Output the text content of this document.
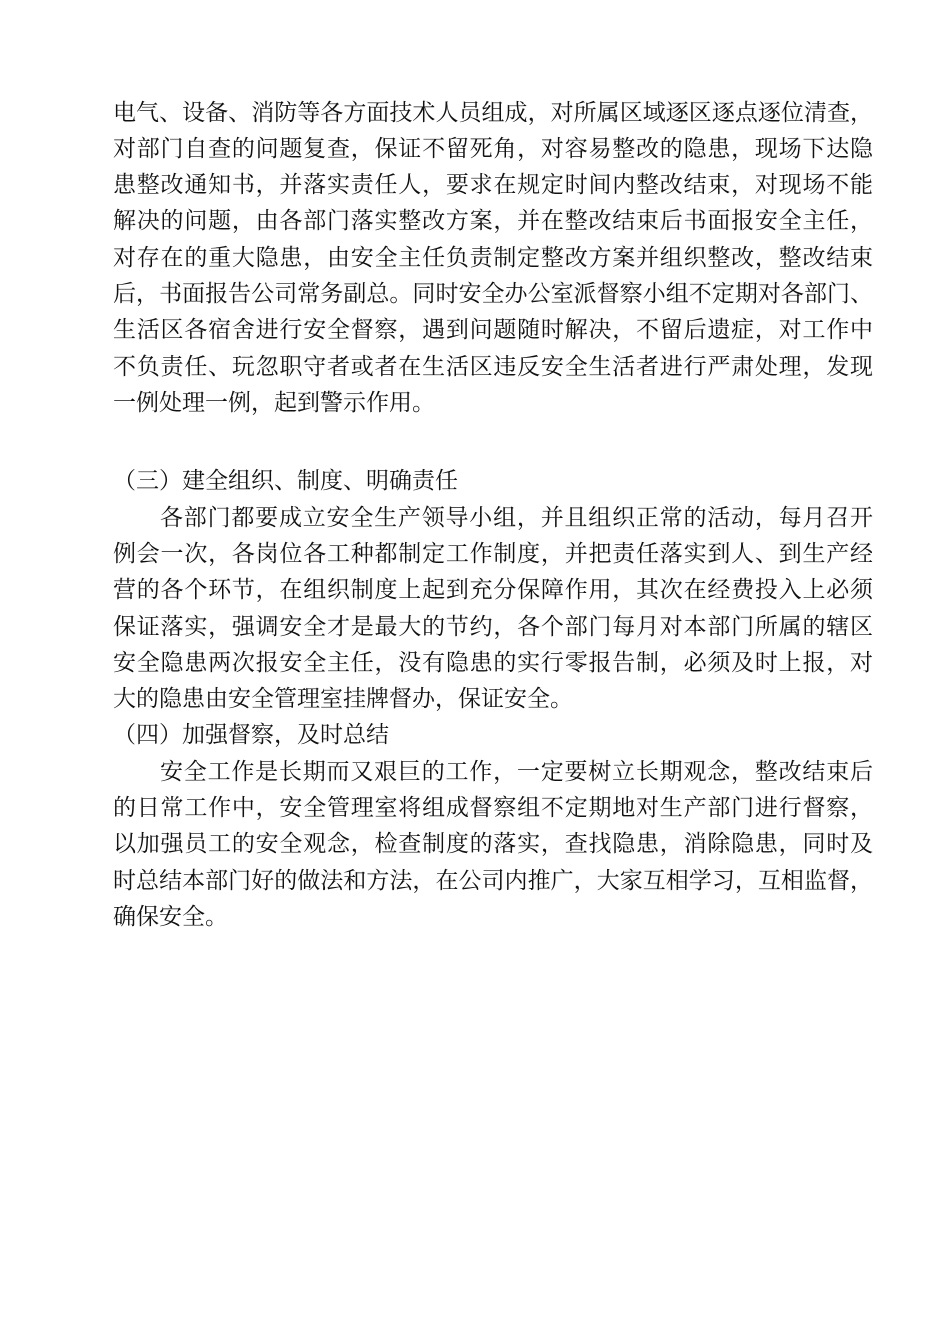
电气、设备、消防等各方面技术人员组成，对所属区域逐区逐点逐位清查，
对部门自查的问题复查，保证不留死角，对容易整改的隐患，现场下达隐
患整改通知书，并落实责任人，要求在规定时间内整改结束，对现场不能
解决的问题，由各部门落实整改方案，并在整改结束后书面报安全主任，
对存在的重大隐患，由安全主任负责制定整改方案并组织整改，整改结束
后，书面报告公司常务副总。同时安全办公室派督察小组不定期对各部门、
生活区各宿舍进行安全督察，遇到问题随时解决，不留后遗症，对工作中
不负责任、玩忽职守者或者在生活区违反安全生活者进行严肃处理，发现
一例处理一例，起到警示作用。
（三）建全组织、制度、明确责任
各部门都要成立安全生产领导小组，并且组织正常的活动，每月召开
例会一次，各岗位各工种都制定工作制度，并把责任落实到人、到生产经
营的各个环节，在组织制度上起到充分保障作用，其次在经费投入上必须
保证落实，强调安全才是最大的节约，各个部门每月对本部门所属的辖区
安全隐患两次报安全主任，没有隐患的实行零报告制，必须及时上报，对
大的隐患由安全管理室挂牌督办，保证安全。
（四）加强督察，及时总结
安全工作是长期而又艰巨的工作，一定要树立长期观念，整改结束后
的日常工作中，安全管理室将组成督察组不定期地对生产部门进行督察，
以加强员工的安全观念，检查制度的落实，查找隐患，消除隐患，同时及
时总结本部门好的做法和方法，在公司内推广，大家互相学习，互相监督，
确保安全。
